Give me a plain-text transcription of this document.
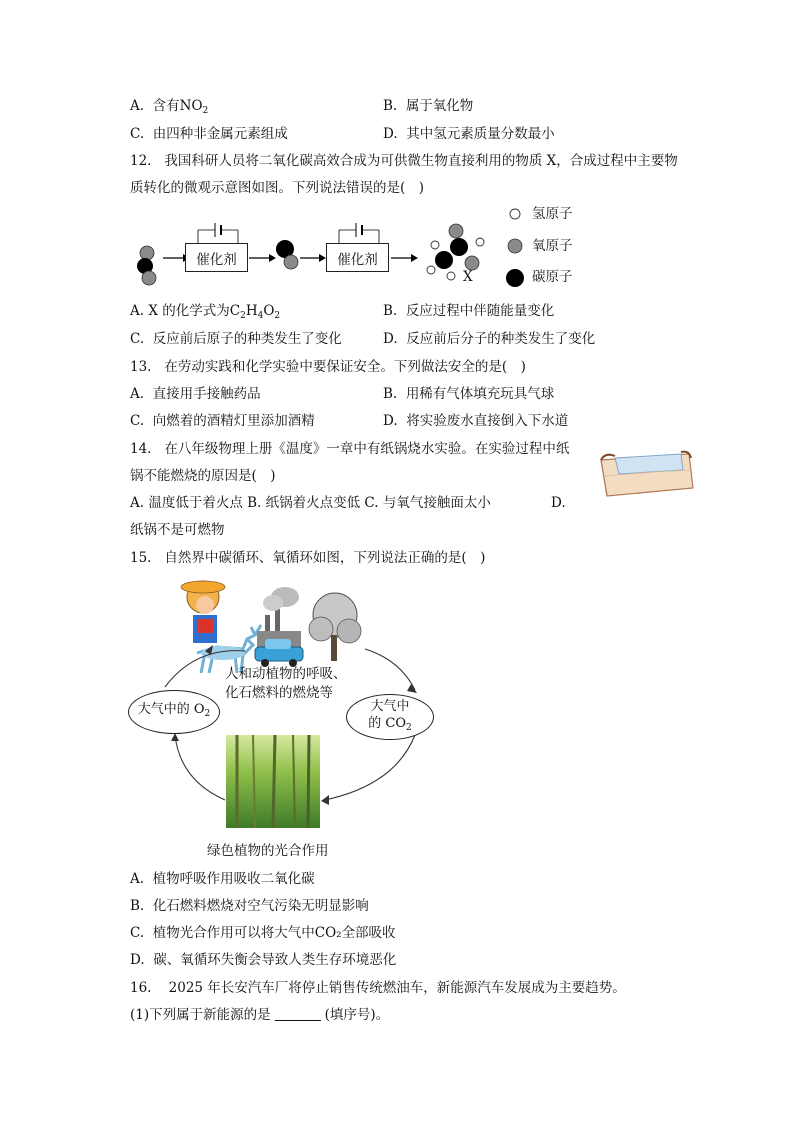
A. 含有$NO_2$	B. 属于氧化物
C. 由四种非金属元素组成	D. 其中氢元素质量分数最小
12. 我国科研人员将二氧化碳高效合成为可供微生物直接利用的物质 X，合成过程中主要物
质转化的微观示意图如图。下列说法错误的是(　)
催化剂	催化剂
X
氢原子
氧原子
碳原子
A. X 的化学式为$C_2H_4O_2$	B. 反应过程中伴随能量变化
C. 反应前后原子的种类发生了变化	D. 反应前后分子的种类发生了变化
13. 在劳动实践和化学实验中要保证安全。下列做法安全的是(　)
A. 直接用手接触药品	B. 用稀有气体填充玩具气球
C. 向燃着的酒精灯里添加酒精	D. 将实验废水直接倒入下水道
14. 在八年级物理上册《温度》一章中有纸锅烧水实验。在实验过程中纸
锅不能燃烧的原因是(　)
A. 温度低于着火点 B. 纸锅着火点变低 C. 与氧气接触面太小	D.
纸锅不是可燃物
15. 自然界中碳循环、氧循环如图，下列说法正确的是(　)
人和动植物的呼吸、
化石燃料的燃烧等
大气中的 $O_2$
大气中
的 $CO_2$
绿色植物的光合作用
A. 植物呼吸作用吸收二氧化碳
B. 化石燃料燃烧对空气污染无明显影响
C. 植物光合作用可以将大气中CO₂全部吸收
D. 碳、氧循环失衡会导致人类生存环境恶化
16. 2025 年长安汽车厂将停止销售传统燃油车，新能源汽车发展成为主要趋势。
(1)下列属于新能源的是	(填序号)。
